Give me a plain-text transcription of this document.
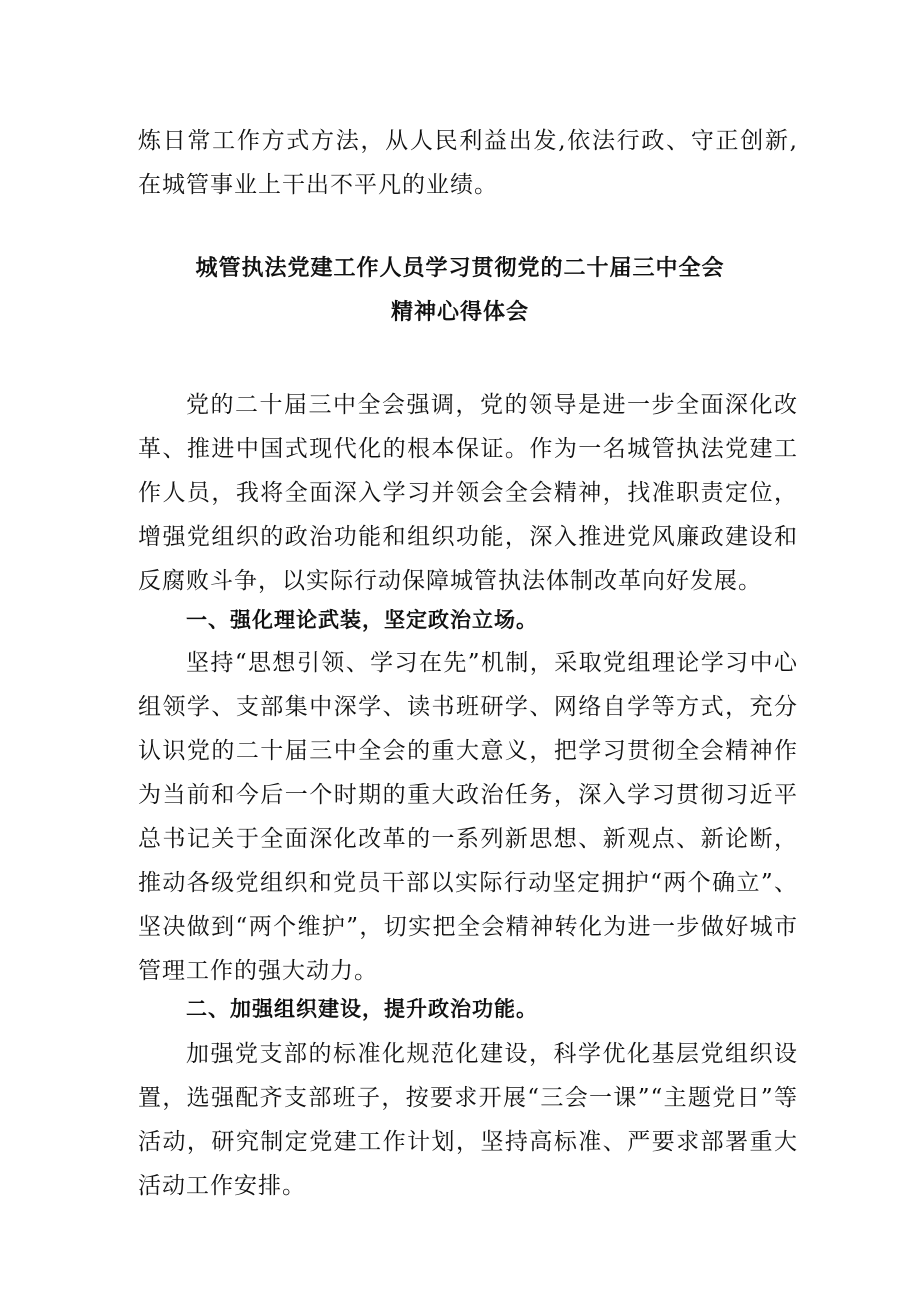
炼日常工作方式方法，从人民利益出发,依法行政、守正创新,在城管事业上干出不平凡的业绩。

城管执法党建工作人员学习贯彻党的二十届三中全会
精神心得体会

党的二十届三中全会强调，党的领导是进一步全面深化改革、推进中国式现代化的根本保证。作为一名城管执法党建工作人员，我将全面深入学习并领会全会精神，找准职责定位，增强党组织的政治功能和组织功能，深入推进党风廉政建设和反腐败斗争，以实际行动保障城管执法体制改革向好发展。

一、强化理论武装，坚定政治立场。

坚持“思想引领、学习在先”机制，采取党组理论学习中心组领学、支部集中深学、读书班研学、网络自学等方式，充分认识党的二十届三中全会的重大意义，把学习贯彻全会精神作为当前和今后一个时期的重大政治任务，深入学习贯彻习近平总书记关于全面深化改革的一系列新思想、新观点、新论断，推动各级党组织和党员干部以实际行动坚定拥护“两个确立”、坚决做到“两个维护”，切实把全会精神转化为进一步做好城市管理工作的强大动力。

二、加强组织建设，提升政治功能。

加强党支部的标准化规范化建设，科学优化基层党组织设置，选强配齐支部班子，按要求开展“三会一课”“主题党日”等活动，研究制定党建工作计划，坚持高标准、严要求部署重大活动工作安排。
